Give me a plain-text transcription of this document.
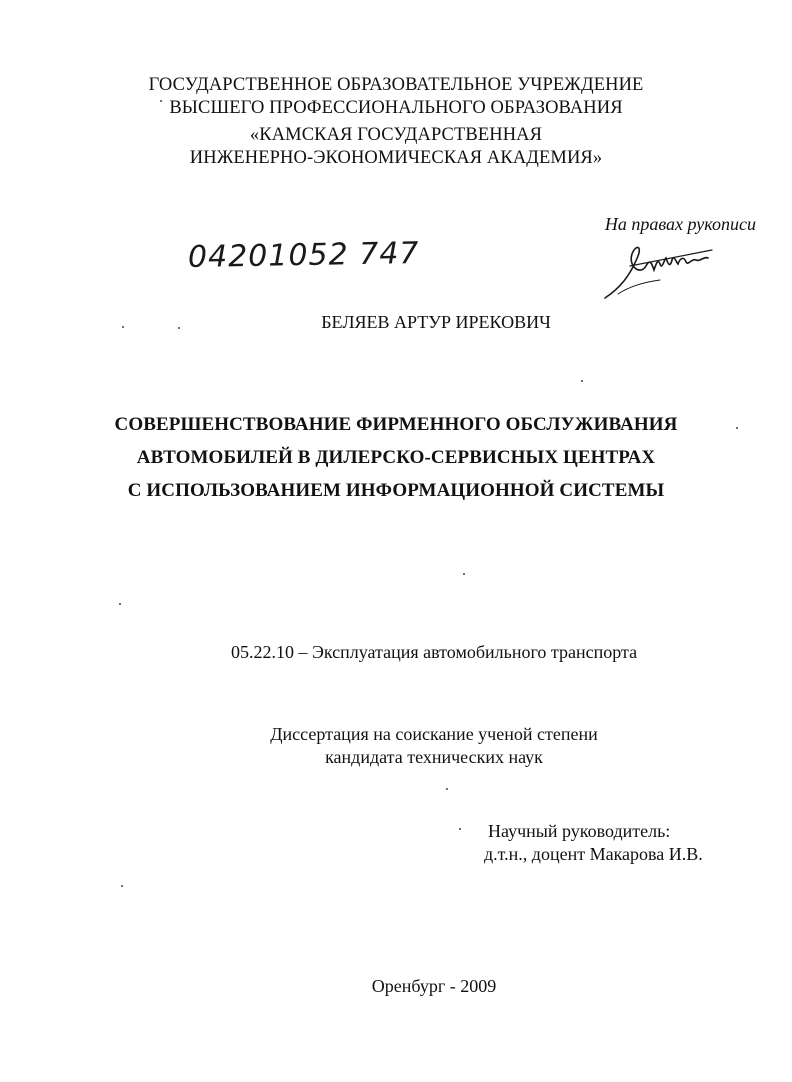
ГОСУДАРСТВЕННОЕ ОБРАЗОВАТЕЛЬНОЕ УЧРЕЖДЕНИЕ
ВЫСШЕГО ПРОФЕССИОНАЛЬНОГО ОБРАЗОВАНИЯ
«КАМСКАЯ ГОСУДАРСТВЕННАЯ
ИНЖЕНЕРНО-ЭКОНОМИЧЕСКАЯ АКАДЕМИЯ»
На правах рукописи
04201052 747
БЕЛЯЕВ АРТУР ИРЕКОВИЧ
СОВЕРШЕНСТВОВАНИЕ ФИРМЕННОГО ОБСЛУЖИВАНИЯ
АВТОМОБИЛЕЙ В ДИЛЕРСКО-СЕРВИСНЫХ ЦЕНТРАХ
С ИСПОЛЬЗОВАНИЕМ ИНФОРМАЦИОННОЙ СИСТЕМЫ
05.22.10 – Эксплуатация автомобильного транспорта
Диссертация на соискание ученой степени
кандидата технических наук
Научный руководитель:
д.т.н., доцент Макарова И.В.
Оренбург - 2009
